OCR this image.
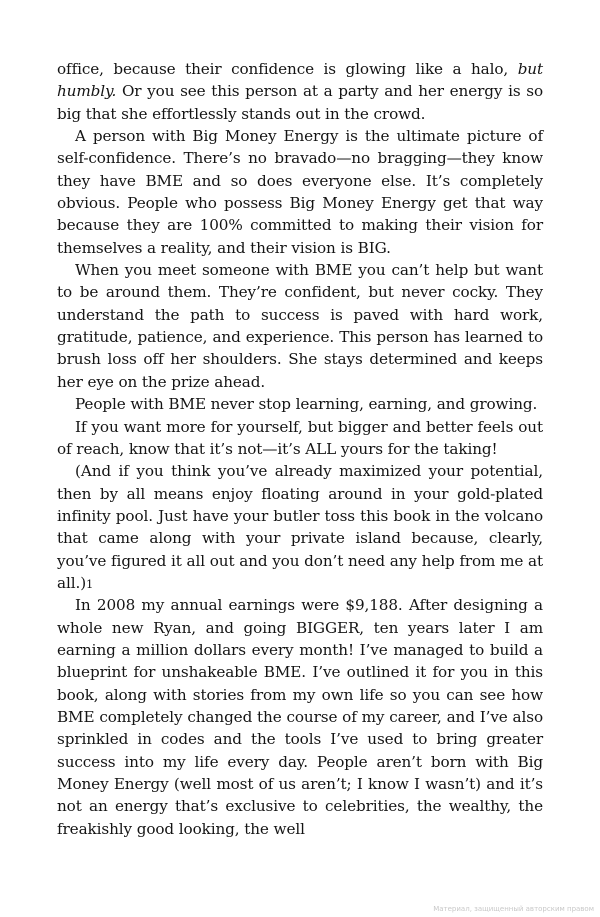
office, because their confidence is glowing like a halo, but humbly. Or you see this person at a party and her energy is so big that she effortlessly stands out in the crowd.

A person with Big Money Energy is the ultimate picture of self-confidence. There’s no bravado—no bragging—they know they have BME and so does everyone else. It’s completely obvious. People who possess Big Money Energy get that way because they are 100% committed to making their vision for themselves a reality, and their vision is BIG.

When you meet someone with BME you can’t help but want to be around them. They’re confident, but never cocky. They understand the path to success is paved with hard work, gratitude, patience, and experience. This person has learned to brush loss off her shoulders. She stays determined and keeps her eye on the prize ahead.

People with BME never stop learning, earning, and growing.

If you want more for yourself, but bigger and better feels out of reach, know that it’s not—it’s ALL yours for the taking!

(And if you think you’ve already maximized your potential, then by all means enjoy floating around in your gold-plated infinity pool. Just have your butler toss this book in the volcano that came along with your private island because, clearly, you’ve figured it all out and you don’t need any help from me at all.)1

In 2008 my annual earnings were $9,188. After designing a whole new Ryan, and going BIGGER, ten years later I am earning a million dollars every month! I’ve managed to build a blueprint for unshakeable BME. I’ve outlined it for you in this book, along with stories from my own life so you can see how BME completely changed the course of my career, and I’ve also sprinkled in codes and the tools I’ve used to bring greater success into my life every day. People aren’t born with Big Money Energy (well most of us aren’t; I know I wasn’t) and it’s not an energy that’s exclusive to celebrities, the wealthy, the freakishly good looking, the well

Материал, защищенный авторским правом
